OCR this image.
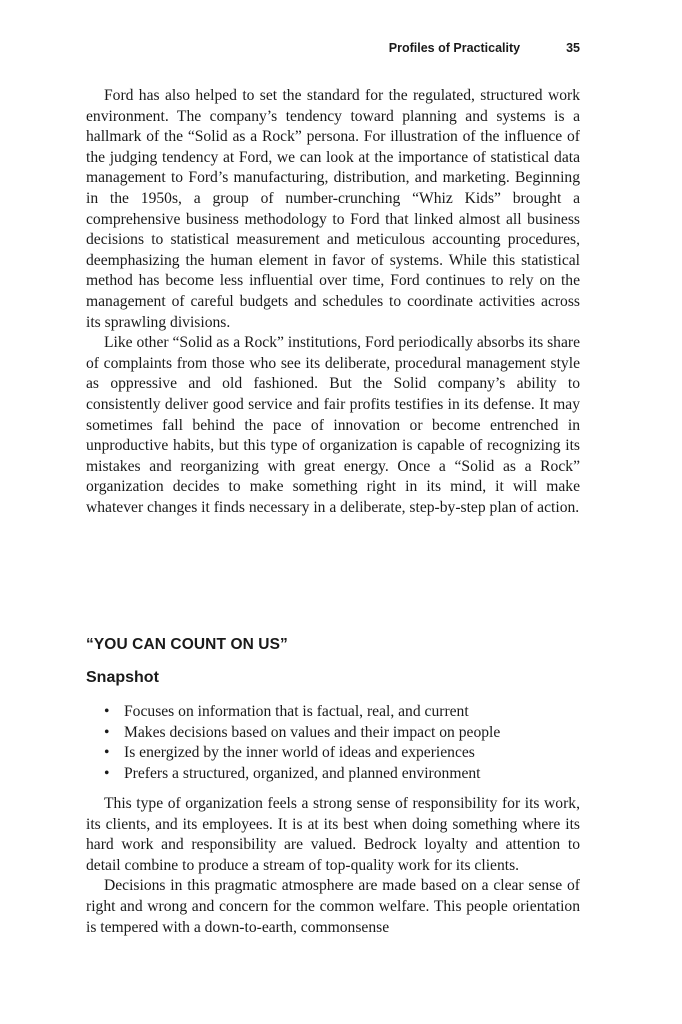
Profiles of Practicality	35

Ford has also helped to set the standard for the regulated, structured work environment. The company’s tendency toward planning and systems is a hallmark of the “Solid as a Rock” persona. For illustration of the influence of the judging tendency at Ford, we can look at the importance of statistical data management to Ford’s manufacturing, distribution, and marketing. Beginning in the 1950s, a group of number-crunching “Whiz Kids” brought a comprehensive business methodology to Ford that linked almost all business decisions to statistical measurement and meticulous accounting procedures, deemphasizing the human element in favor of systems. While this statistical method has become less influential over time, Ford continues to rely on the management of careful budgets and schedules to coordinate activities across its sprawling divisions.

Like other “Solid as a Rock” institutions, Ford periodically absorbs its share of complaints from those who see its deliberate, procedural management style as oppressive and old fashioned. But the Solid company’s ability to consistently deliver good service and fair profits testifies in its defense. It may sometimes fall behind the pace of innovation or become entrenched in unproductive habits, but this type of organization is capable of recognizing its mistakes and reorganizing with great energy. Once a “Solid as a Rock” organization decides to make something right in its mind, it will make whatever changes it finds necessary in a deliberate, step-by-step plan of action.

“YOU CAN COUNT ON US”
Snapshot
• Focuses on information that is factual, real, and current
• Makes decisions based on values and their impact on people
• Is energized by the inner world of ideas and experiences
• Prefers a structured, organized, and planned environment

This type of organization feels a strong sense of responsibility for its work, its clients, and its employees. It is at its best when doing something where its hard work and responsibility are valued. Bedrock loyalty and attention to detail combine to produce a stream of top-quality work for its clients.

Decisions in this pragmatic atmosphere are made based on a clear sense of right and wrong and concern for the common welfare. This people orientation is tempered with a down-to-earth, commonsense
